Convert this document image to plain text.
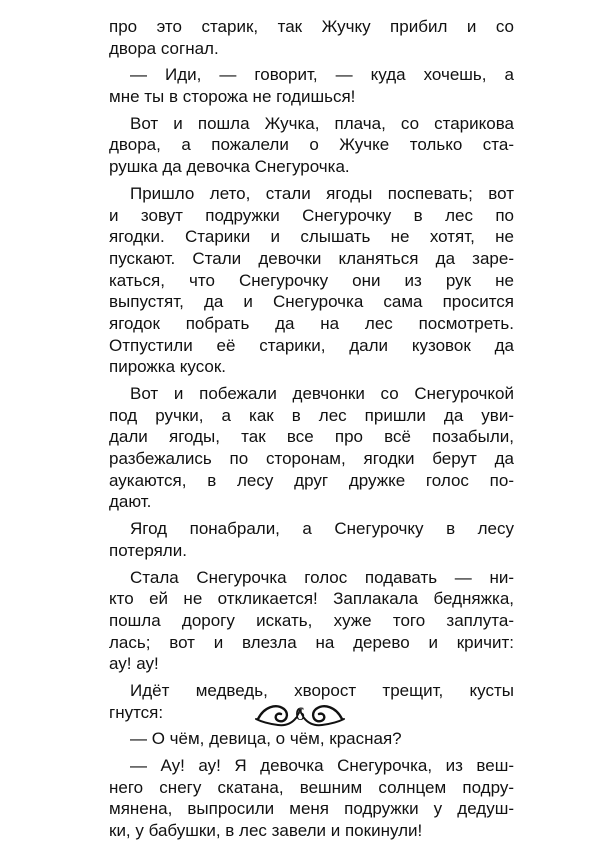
про это старик, так Жучку прибил и со
двора согнал.
— Иди, — говорит, — куда хочешь, а
мне ты в сторожа не годишься!
Вот и пошла Жучка, плача, со старикова
двора, а пожалели о Жучке только ста-
рушка да девочка Снегурочка.
Пришло лето, стали ягоды поспевать; вот
и зовут подружки Снегурочку в лес по
ягодки. Старики и слышать не хотят, не
пускают. Стали девочки кланяться да заре-
каться, что Снегурочку они из рук не
выпустят, да и Снегурочка сама просится
ягодок побрать да на лес посмотреть.
Отпустили её старики, дали кузовок да
пирожка кусок.
Вот и побежали девчонки со Снегурочкой
под ручки, а как в лес пришли да уви-
дали ягоды, так все про всё позабыли,
разбежались по сторонам, ягодки берут да
аукаются, в лесу друг дружке голос по-
дают.
Ягод понабрали, а Снегурочку в лесу
потеряли.
Стала Снегурочка голос подавать — ни-
кто ей не откликается! Заплакала бедняжка,
пошла дорогу искать, хуже того заплута-
лась; вот и влезла на дерево и кричит:
ау! ау!
Идёт медведь, хворост трещит, кусты
гнутся:
— О чём, девица, о чём, красная?
— Ау! ау! Я девочка Снегурочка, из веш-
него снегу скатана, вешним солнцем подру-
мянена, выпросили меня подружки у дедуш-
ки, у бабушки, в лес завели и покинули!
6
